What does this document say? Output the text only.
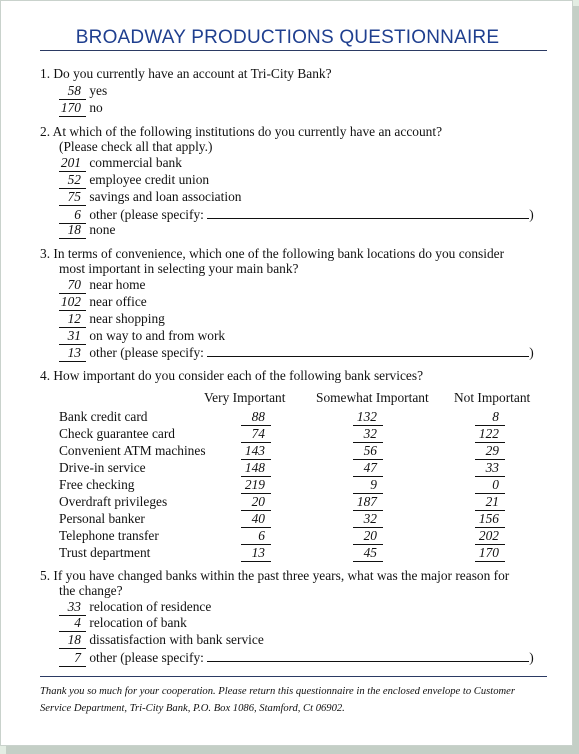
BROADWAY PRODUCTIONS QUESTIONNAIRE
1. Do you currently have an account at Tri-City Bank?
58 yes
170 no
2. At which of the following institutions do you currently have an account?
(Please check all that apply.)
201 commercial bank
52 employee credit union
75 savings and loan association
6 other (please specify:	)
18 none
3. In terms of convenience, which one of the following bank locations do you consider
most important in selecting your main bank?
70 near home
102 near office
12 near shopping
31 on way to and from work
13 other (please specify:	)
4. How important do you consider each of the following bank services?
Very Important Somewhat Important Not Important
Bank credit card	88	132	8
Check guarantee card	74	32	122
Convenient ATM machines	143	56	29
Drive-in service	148	47	33
Free checking	219	9	0
Overdraft privileges	20	187	21
Personal banker	40	32	156
Telephone transfer	6	20	202
Trust department	13	45	170
5. If you have changed banks within the past three years, what was the major reason for
the change?
33 relocation of residence
4 relocation of bank
18 dissatisfaction with bank service
7 other (please specify:	)
Thank you so much for your cooperation. Please return this questionnaire in the enclosed envelope to Customer
Service Department, Tri-City Bank, P.O. Box 1086, Stamford, Ct 06902.
